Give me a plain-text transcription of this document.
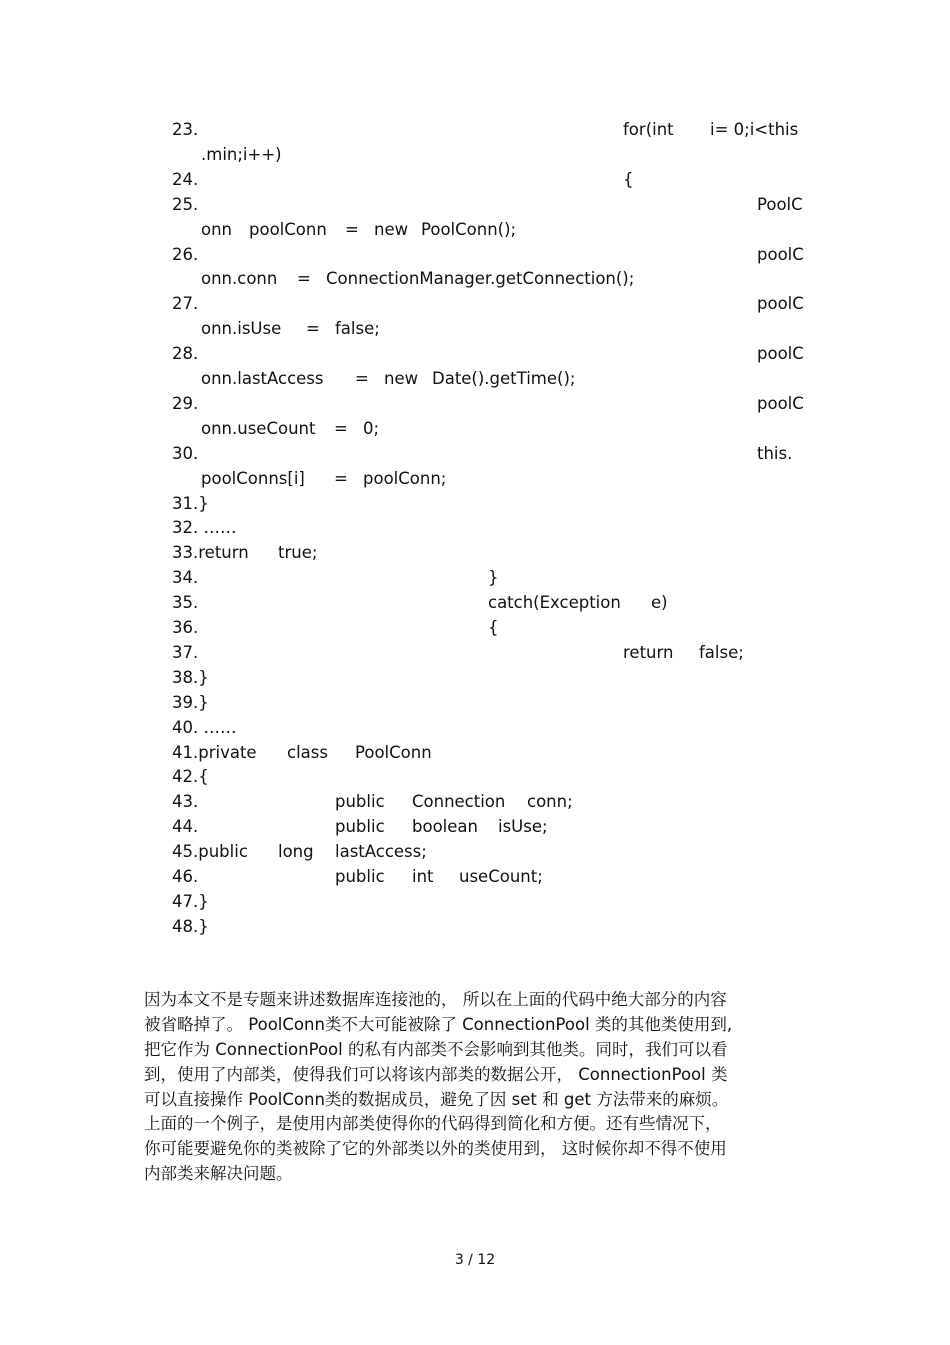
23.	for(int i= 0;i<this
.min;i++)
24.	{
25.	PoolC
onn poolConn = new PoolConn();
26.	poolC
onn.conn = ConnectionManager.getConnection();
27.	poolC
onn.isUse = false;
28.	poolC
onn.lastAccess = new Date().getTime();
29.	poolC
onn.useCount = 0;
30.	this.
poolConns[i] = poolConn;
31.}
32. ……
33.return true;
34.	}
35.	catch(Exception e)
36.	{
37.	return false;
38.}
39.}
40. ……
41.private class PoolConn
42.{
43.	public Connection conn;
44.	public boolean isUse;
45.public long lastAccess;
46.	public int useCount;
47.}
48.}
因为本文不是专题来讲述数据库连接池的， 所以在上面的代码中绝大部分的内容
被省略掉了。 PoolConn类不大可能被除了 ConnectionPool 类的其他类使用到,
把它作为 ConnectionPool 的私有内部类不会影响到其他类。同时，我们可以看
到，使用了内部类，使得我们可以将该内部类的数据公开， ConnectionPool 类
可以直接操作 PoolConn类的数据成员，避免了因 set 和 get 方法带来的麻烦。
上面的一个例子，是使用内部类使得你的代码得到简化和方便。还有些情况下，
你可能要避免你的类被除了它的外部类以外的类使用到， 这时候你却不得不使用
内部类来解决问题。
3 / 12
